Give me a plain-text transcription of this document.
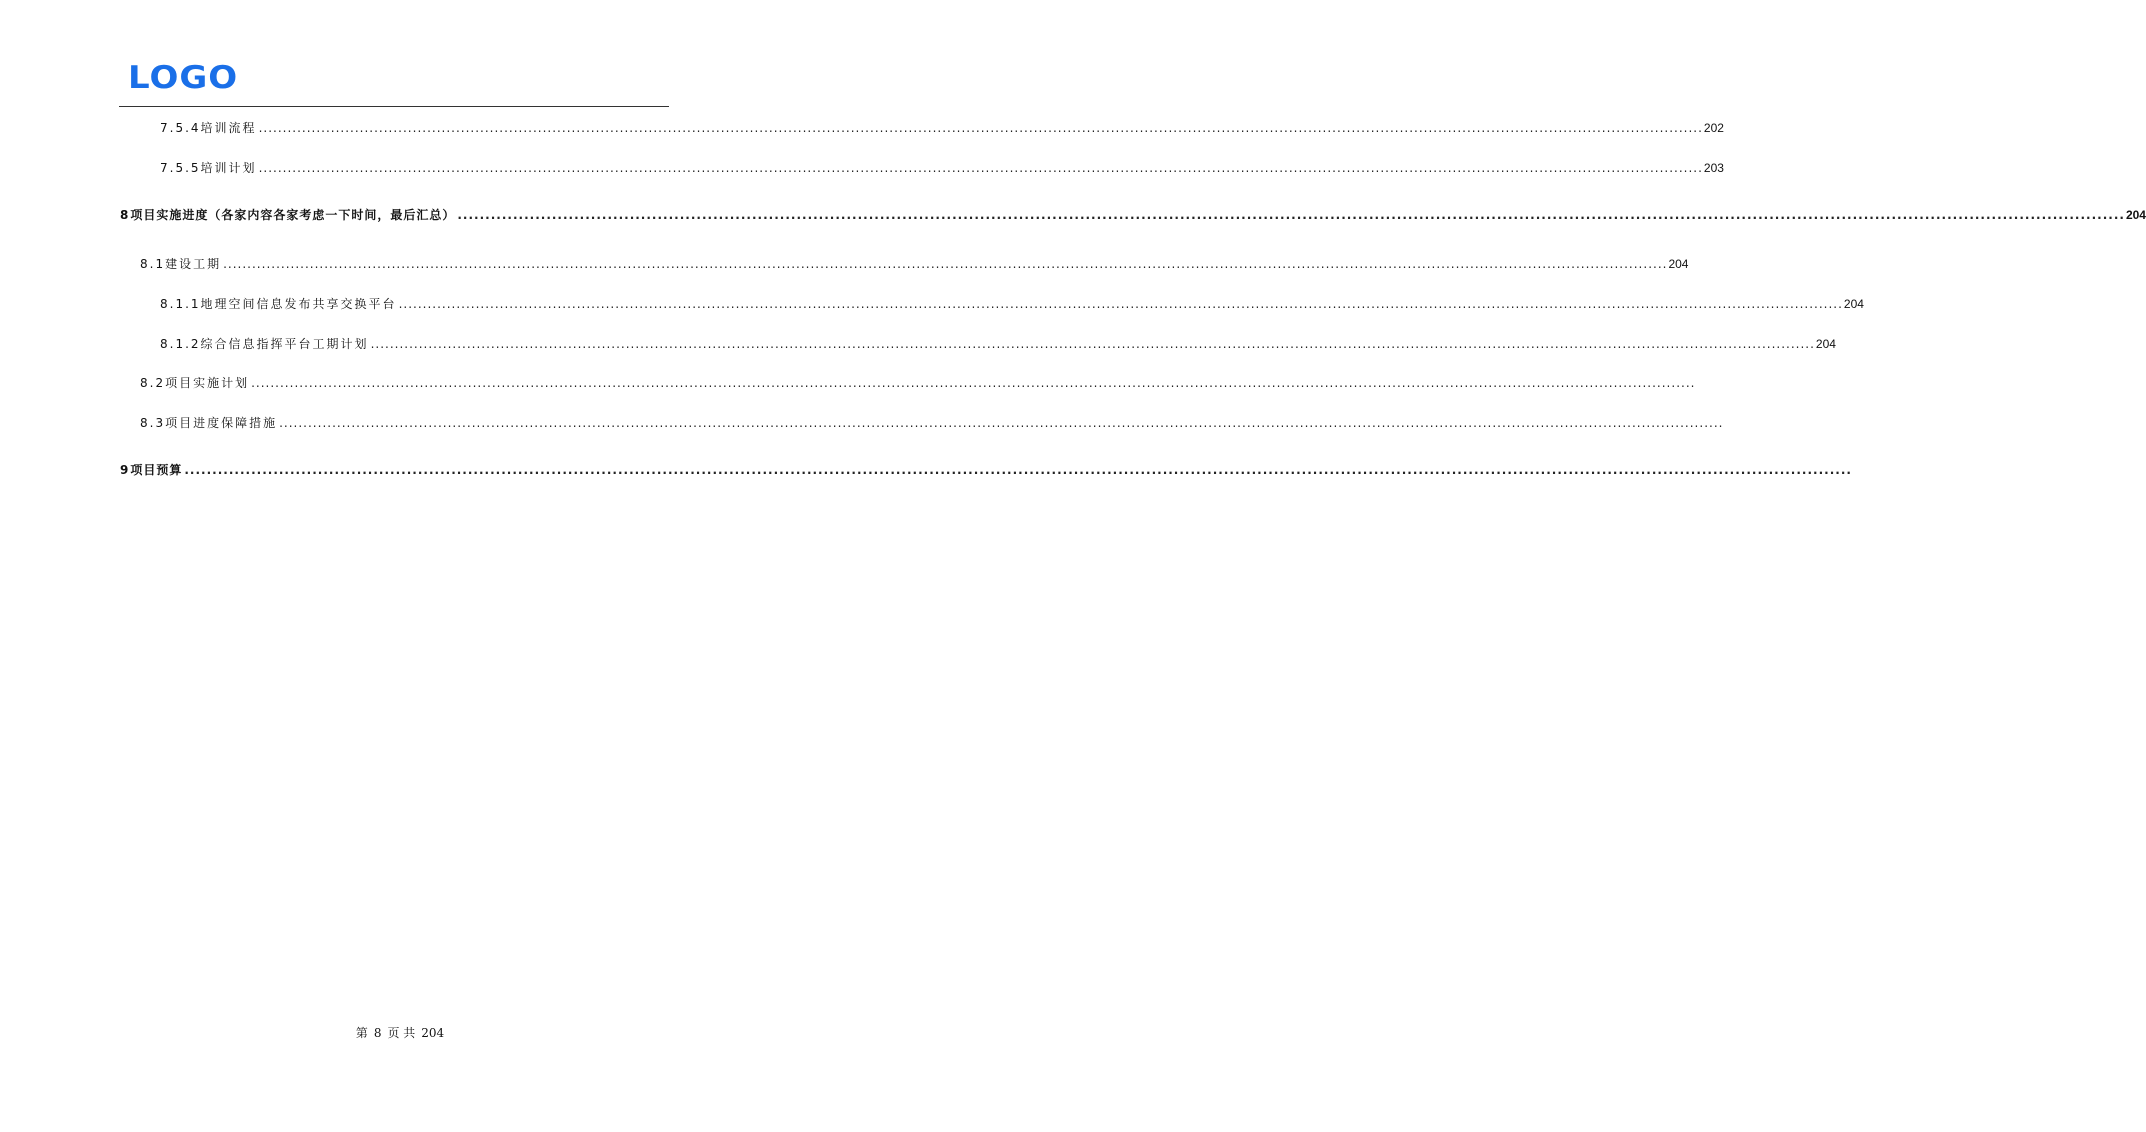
LOGO
7.5.4 培训流程 ............................................................................................................................................................................................................................................................................................................ 202
7.5.5 培训计划 ............................................................................................................................................................................................................................................................................................................ 203
8 项目实施进度（各家内容各家考虑一下时间，最后汇总） ............................................................................................................................................................................................................................................................................................................ 204
8.1 建设工期 ............................................................................................................................................................................................................................................................................................................ 204
8.1.1 地理空间信息发布共享交换平台 ............................................................................................................................................................................................................................................................................................................ 204
8.1.2 综合信息指挥平台工期计划 ............................................................................................................................................................................................................................................................................................................ 204
8.2 项目实施计划 ............................................................................................................................................................................................................................................................................................................
8.3 项目进度保障措施 ............................................................................................................................................................................................................................................................................................................
9 项目预算 ............................................................................................................................................................................................................................................................................................................
第 8 页 共 204
